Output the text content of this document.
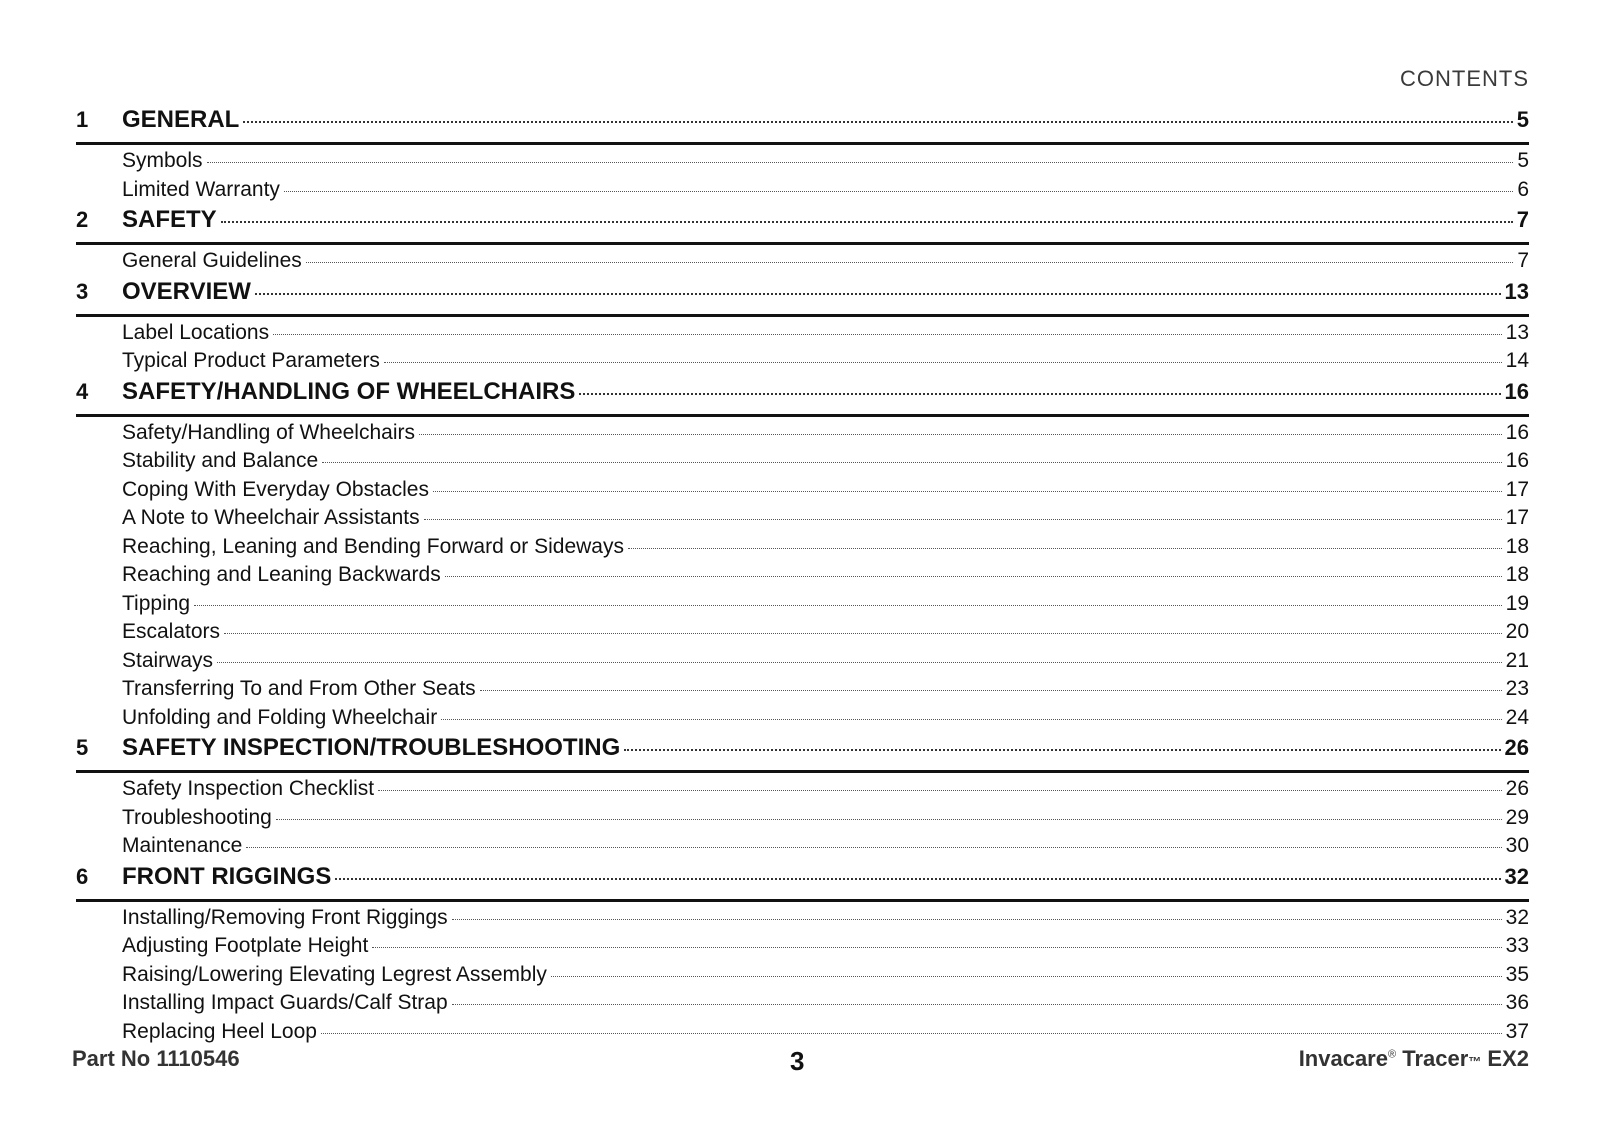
CONTENTS
1	GENERAL	5
Symbols	5
Limited Warranty	6
2	SAFETY	7
General Guidelines	7
3	OVERVIEW	13
Label Locations	13
Typical Product Parameters	14
4	SAFETY/HANDLING OF WHEELCHAIRS	16
Safety/Handling of Wheelchairs	16
Stability and Balance	16
Coping With Everyday Obstacles	17
A Note to Wheelchair Assistants	17
Reaching, Leaning and Bending Forward or Sideways	18
Reaching and Leaning Backwards	18
Tipping	19
Escalators	20
Stairways	21
Transferring To and From Other Seats	23
Unfolding and Folding Wheelchair	24
5	SAFETY INSPECTION/TROUBLESHOOTING	26
Safety Inspection Checklist	26
Troubleshooting	29
Maintenance	30
6	FRONT RIGGINGS	32
Installing/Removing Front Riggings	32
Adjusting Footplate Height	33
Raising/Lowering Elevating Legrest Assembly	35
Installing Impact Guards/Calf Strap	36
Replacing Heel Loop	37
Part No 1110546	3	Invacare® Tracer™ EX2
